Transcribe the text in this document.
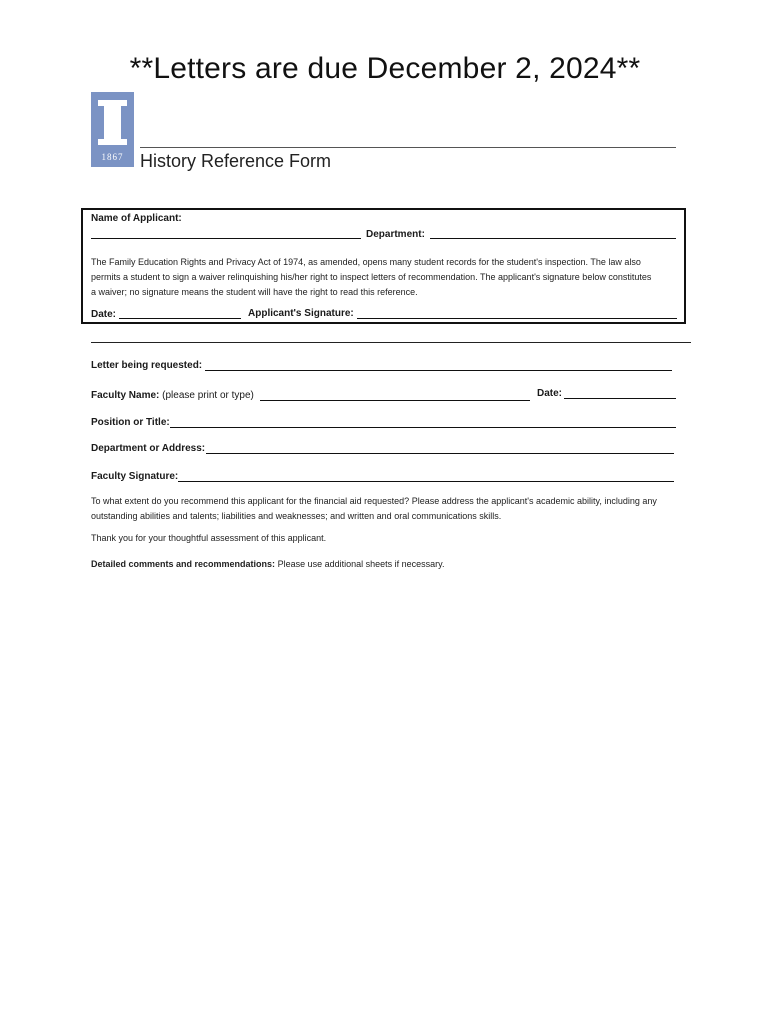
**Letters are due December 2, 2024**
1867 History Reference Form
Name of Applicant:
Department:
The Family Education Rights and Privacy Act of 1974, as amended, opens many student records for the student's inspection. The law also
permits a student to sign a waiver relinquishing his/her right to inspect letters of recommendation. The applicant's signature below constitutes
a waiver; no signature means the student will have the right to read this reference.
Date:	Applicant's Signature:
Letter being requested:
Faculty Name: (please print or type)	Date:
Position or Title:
Department or Address:
Faculty Signature:
To what extent do you recommend this applicant for the financial aid requested? Please address the applicant's academic ability, including any
outstanding abilities and talents; liabilities and weaknesses; and written and oral communications skills.
Thank you for your thoughtful assessment of this applicant.
Detailed comments and recommendations: Please use additional sheets if necessary.
